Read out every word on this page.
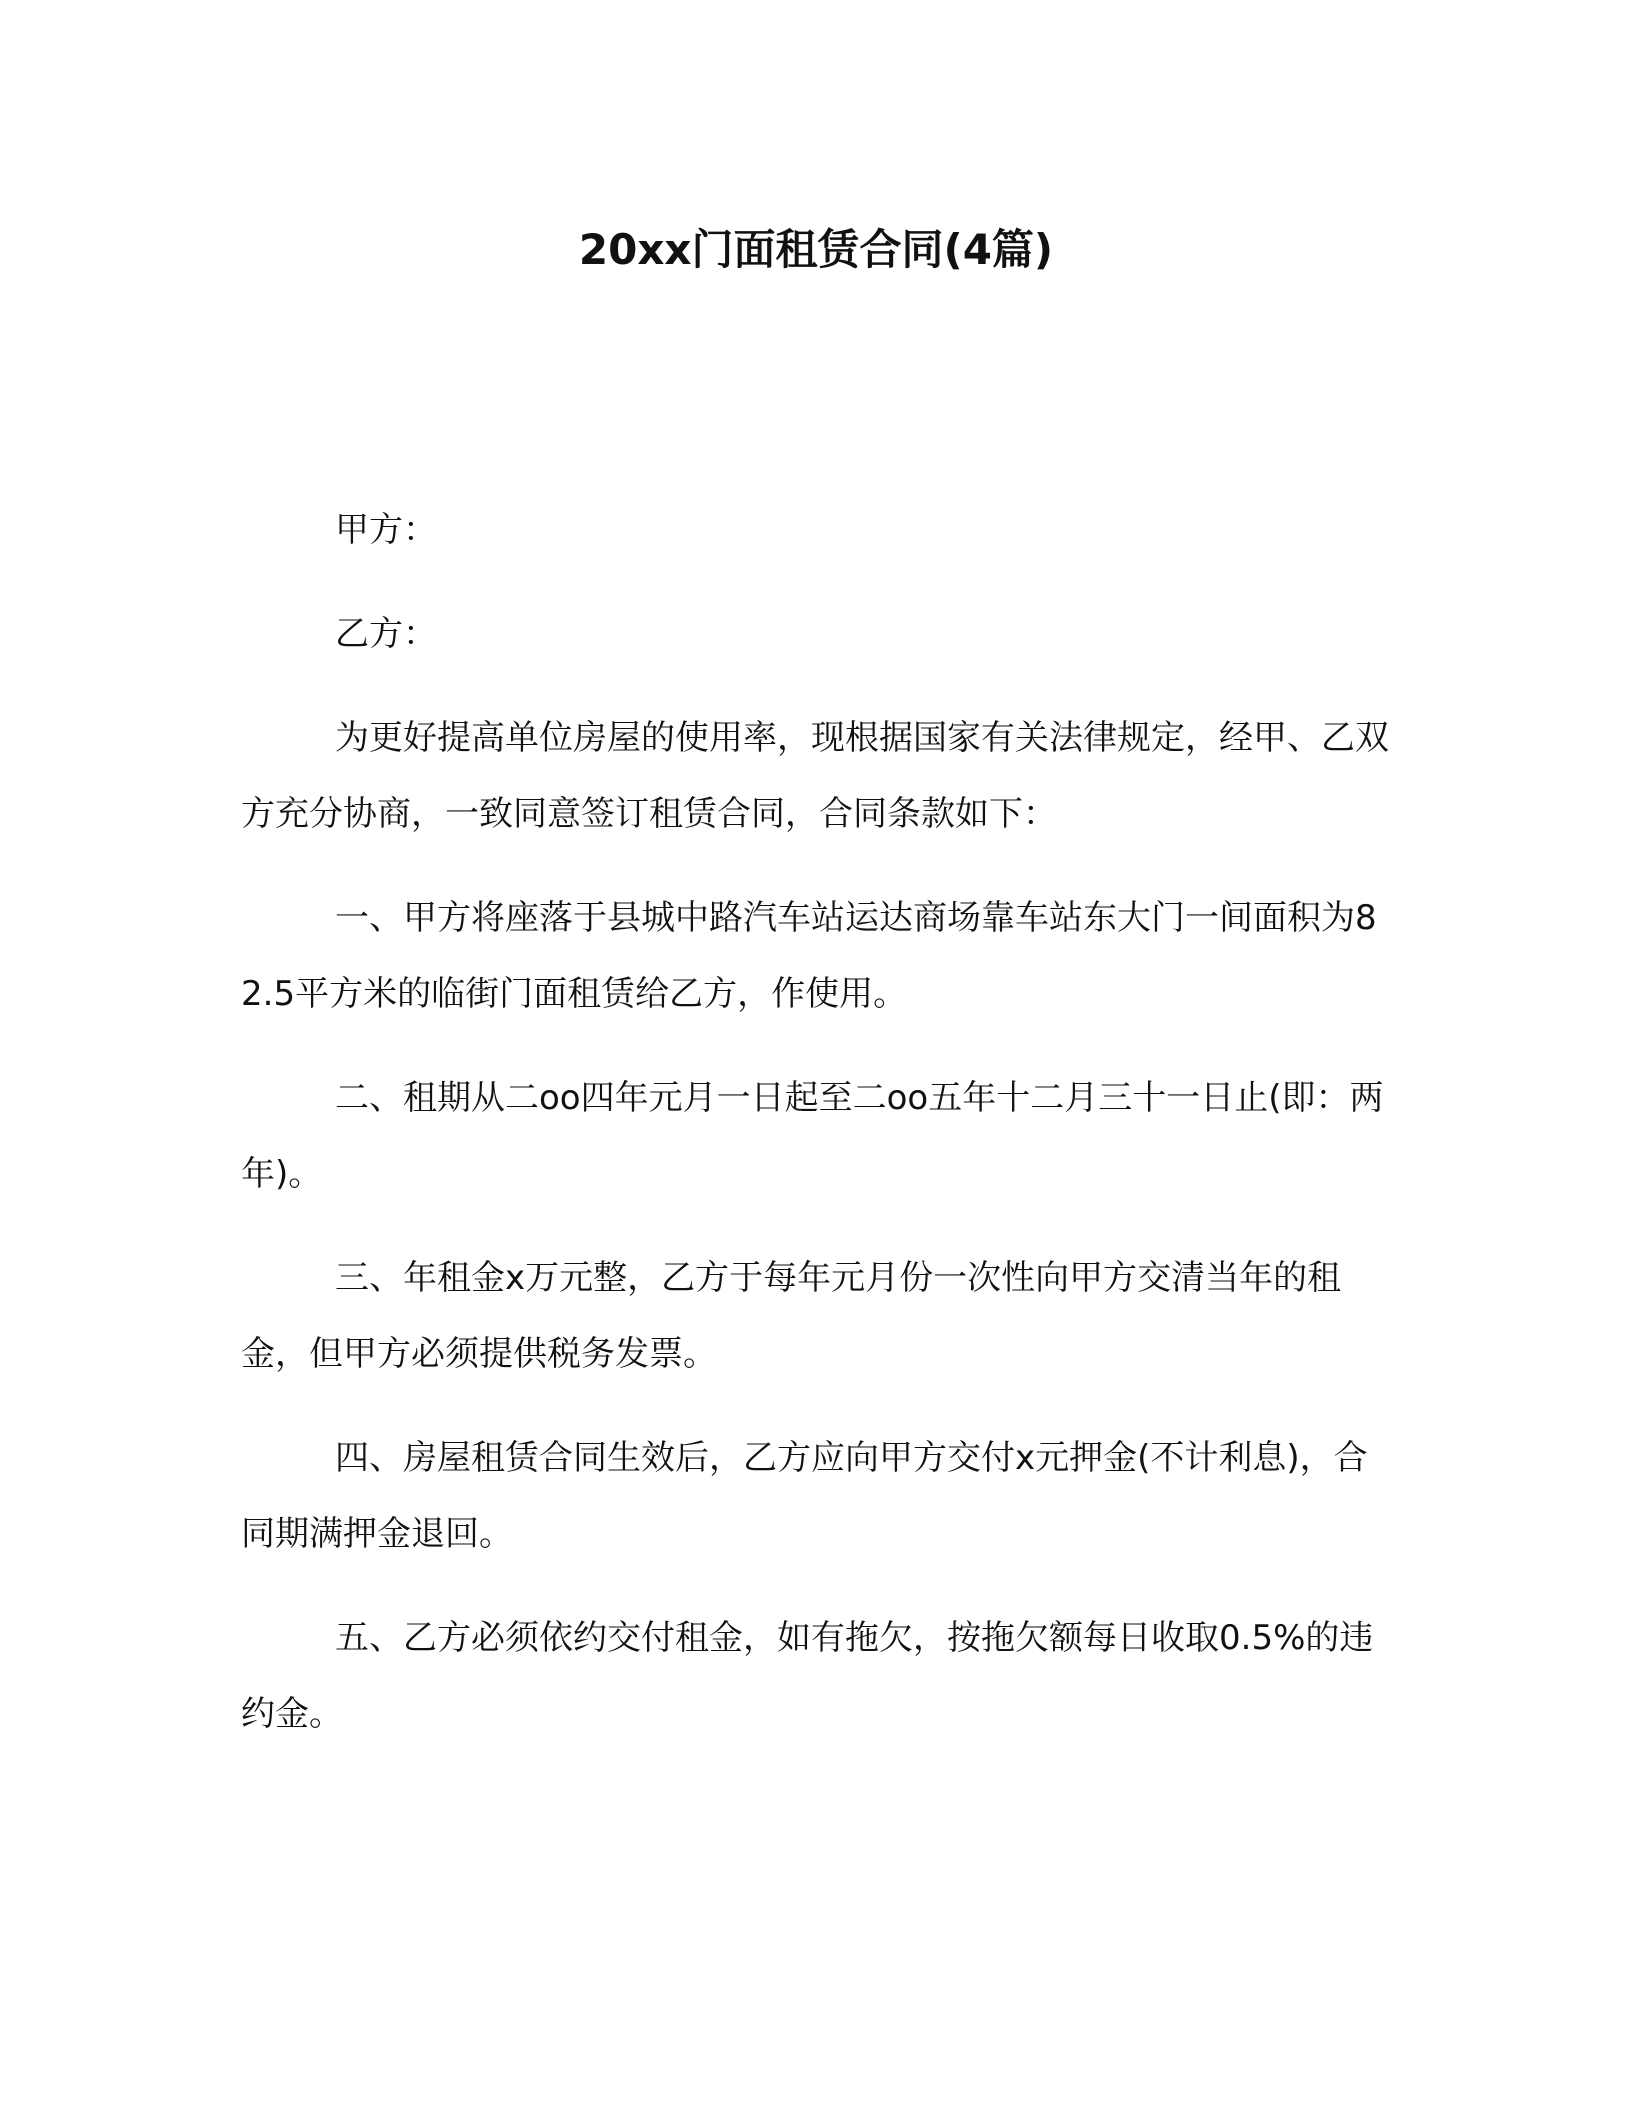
20xx门面租赁合同(4篇)

甲方：

乙方：

为更好提高单位房屋的使用率，现根据国家有关法律规定，经甲、乙双方充分协商，一致同意签订租赁合同，合同条款如下：

一、甲方将座落于县城中路汽车站运达商场靠车站东大门一间面积为82.5平方米的临街门面租赁给乙方，作使用。

二、租期从二oo四年元月一日起至二oo五年十二月三十一日止(即：两年)。

三、年租金x万元整，乙方于每年元月份一次性向甲方交清当年的租金，但甲方必须提供税务发票。

四、房屋租赁合同生效后，乙方应向甲方交付x元押金(不计利息)，合同期满押金退回。

五、乙方必须依约交付租金，如有拖欠，按拖欠额每日收取0.5%的违约金。
